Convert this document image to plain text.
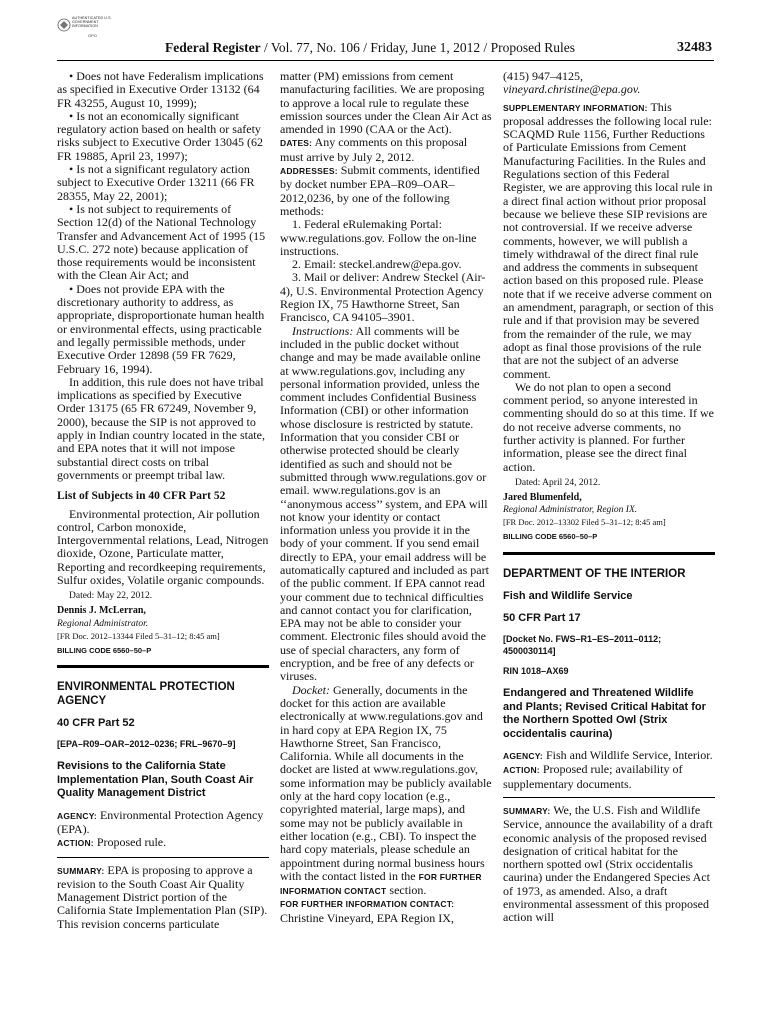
AUTHENTICATED U.S. GOVERNMENT INFORMATION
GPO
Federal Register / Vol. 77, No. 106 / Friday, June 1, 2012 / Proposed Rules	32483

• Does not have Federalism implications as specified in Executive Order 13132 (64 FR 43255, August 10, 1999);

• Is not an economically significant regulatory action based on health or safety risks subject to Executive Order 13045 (62 FR 19885, April 23, 1997);

• Is not a significant regulatory action subject to Executive Order 13211 (66 FR 28355, May 22, 2001);

• Is not subject to requirements of Section 12(d) of the National Technology Transfer and Advancement Act of 1995 (15 U.S.C. 272 note) because application of those requirements would be inconsistent with the Clean Air Act; and

• Does not provide EPA with the discretionary authority to address, as appropriate, disproportionate human health or environmental effects, using practicable and legally permissible methods, under Executive Order 12898 (59 FR 7629, February 16, 1994).

In addition, this rule does not have tribal implications as specified by Executive Order 13175 (65 FR 67249, November 9, 2000), because the SIP is not approved to apply in Indian country located in the state, and EPA notes that it will not impose substantial direct costs on tribal governments or preempt tribal law.

List of Subjects in 40 CFR Part 52

Environmental protection, Air pollution control, Carbon monoxide, Intergovernmental relations, Lead, Nitrogen dioxide, Ozone, Particulate matter, Reporting and recordkeeping requirements, Sulfur oxides, Volatile organic compounds.

Dated: May 22, 2012.

Dennis J. McLerran,

Regional Administrator.

[FR Doc. 2012–13344 Filed 5–31–12; 8:45 am]

BILLING CODE 6560–50–P

ENVIRONMENTAL PROTECTION AGENCY

40 CFR Part 52

[EPA–R09–OAR–2012–0236; FRL–9670–9]

Revisions to the California State Implementation Plan, South Coast Air Quality Management District

AGENCY: Environmental Protection Agency (EPA).

ACTION: Proposed rule.

SUMMARY: EPA is proposing to approve a revision to the South Coast Air Quality Management District portion of the California State Implementation Plan (SIP). This revision concerns particulate

matter (PM) emissions from cement manufacturing facilities. We are proposing to approve a local rule to regulate these emission sources under the Clean Air Act as amended in 1990 (CAA or the Act).

DATES: Any comments on this proposal must arrive by July 2, 2012.

ADDRESSES: Submit comments, identified by docket number EPA–R09–OAR–2012,0236, by one of the following methods:

1. Federal eRulemaking Portal: www.regulations.gov. Follow the on-line instructions.

2. Email: steckel.andrew@epa.gov.

3. Mail or deliver: Andrew Steckel (Air-4), U.S. Environmental Protection Agency Region IX, 75 Hawthorne Street, San Francisco, CA 94105–3901.

Instructions: All comments will be included in the public docket without change and may be made available online at www.regulations.gov, including any personal information provided, unless the comment includes Confidential Business Information (CBI) or other information whose disclosure is restricted by statute. Information that you consider CBI or otherwise protected should be clearly identified as such and should not be submitted through www.regulations.gov or email. www.regulations.gov is an ‘‘anonymous access’’ system, and EPA will not know your identity or contact information unless you provide it in the body of your comment. If you send email directly to EPA, your email address will be automatically captured and included as part of the public comment. If EPA cannot read your comment due to technical difficulties and cannot contact you for clarification, EPA may not be able to consider your comment. Electronic files should avoid the use of special characters, any form of encryption, and be free of any defects or viruses.

Docket: Generally, documents in the docket for this action are available electronically at www.regulations.gov and in hard copy at EPA Region IX, 75 Hawthorne Street, San Francisco, California. While all documents in the docket are listed at www.regulations.gov, some information may be publicly available only at the hard copy location (e.g., copyrighted material, large maps), and some may not be publicly available in either location (e.g., CBI). To inspect the hard copy materials, please schedule an appointment during normal business hours with the contact listed in the FOR FURTHER INFORMATION CONTACT section.

FOR FURTHER INFORMATION CONTACT:

Christine Vineyard, EPA Region IX,

(415) 947–4125,

vineyard.christine@epa.gov.

SUPPLEMENTARY INFORMATION: This proposal addresses the following local rule: SCAQMD Rule 1156, Further Reductions of Particulate Emissions from Cement Manufacturing Facilities. In the Rules and Regulations section of this Federal Register, we are approving this local rule in a direct final action without prior proposal because we believe these SIP revisions are not controversial. If we receive adverse comments, however, we will publish a timely withdrawal of the direct final rule and address the comments in subsequent action based on this proposed rule. Please note that if we receive adverse comment on an amendment, paragraph, or section of this rule and if that provision may be severed from the remainder of the rule, we may adopt as final those provisions of the rule that are not the subject of an adverse comment.

We do not plan to open a second comment period, so anyone interested in commenting should do so at this time. If we do not receive adverse comments, no further activity is planned. For further information, please see the direct final action.

Dated: April 24, 2012.

Jared Blumenfeld,

Regional Administrator, Region IX.

[FR Doc. 2012–13302 Filed 5–31–12; 8:45 am]

BILLING CODE 6560–50–P

DEPARTMENT OF THE INTERIOR

Fish and Wildlife Service

50 CFR Part 17

[Docket No. FWS–R1–ES–2011–0112; 4500030114]

RIN 1018–AX69

Endangered and Threatened Wildlife and Plants; Revised Critical Habitat for the Northern Spotted Owl (Strix occidentalis caurina)

AGENCY: Fish and Wildlife Service, Interior.

ACTION: Proposed rule; availability of supplementary documents.

SUMMARY: We, the U.S. Fish and Wildlife Service, announce the availability of a draft economic analysis of the proposed revised designation of critical habitat for the northern spotted owl (Strix occidentalis caurina) under the Endangered Species Act of 1973, as amended. Also, a draft environmental assessment of this proposed action will
